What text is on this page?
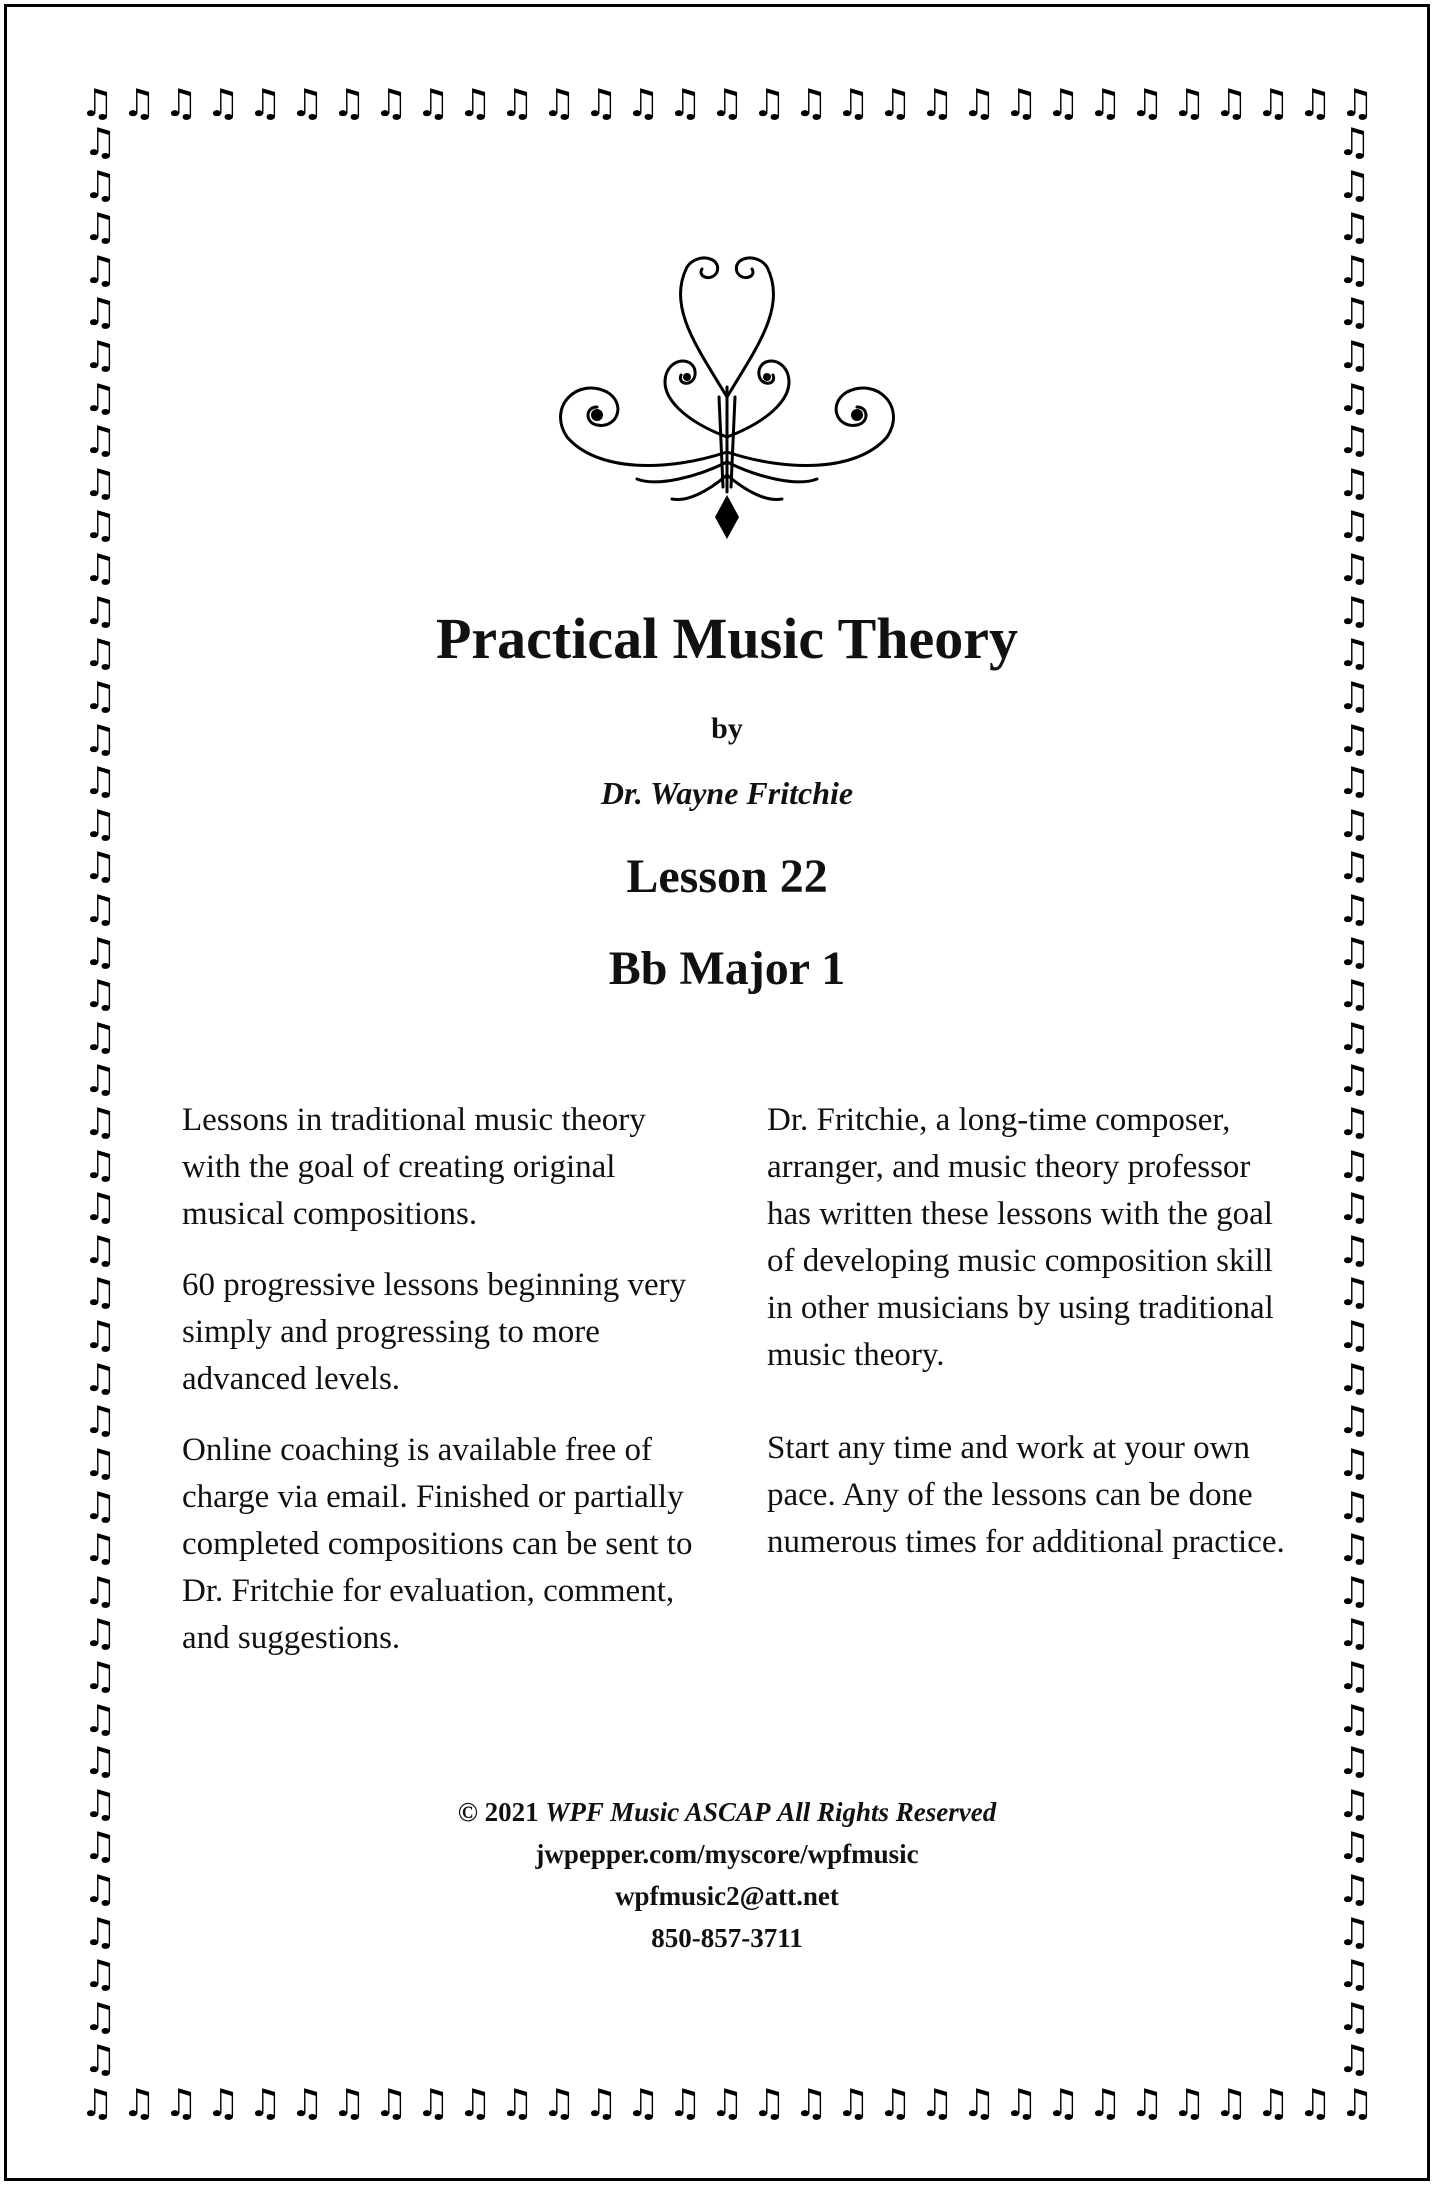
♫ ♫ ♫ ♫ ♫ ♫ ♫ ♫ ♫ ♫ ♫ ♫ ♫ ♫ ♫ ♫ ♫ ♫ ♫ ♫ ♫ ♫ ♫ ♫ ♫ ♫ ♫ ♫ ♫ ♫ ♫
♫ ♫ ♫ ♫ ♫ ♫ ♫ ♫ ♫ ♫ ♫ ♫ ♫ ♫ ♫ ♫ ♫ ♫ ♫ ♫ ♫ ♫ ♫ ♫ ♫ ♫ ♫ ♫ ♫ ♫ ♫
♫
♫
♫
♫
♫
♫
♫
♫
♫
♫
♫
♫
♫
♫
♫
♫
♫
♫
♫
♫
♫
♫
♫
♫
♫
♫
♫
♫
♫
♫
♫
♫
♫
♫
♫
♫
♫
♫
♫
♫
♫
♫
♫
♫
♫
♫
♫
♫
♫
♫
♫
♫
♫
♫
♫
♫
♫
♫
♫
♫
♫
♫
♫
♫
♫
♫
♫
♫
♫
♫
♫
♫
♫
♫
♫
♫
♫
♫
♫
♫
♫
♫
♫
♫
♫
♫
♫
♫
♫
♫
♫
♫
Practical Music Theory
by
Dr. Wayne Fritchie
Lesson 22
Bb Major 1

Lessons in traditional music theory with the goal of creating original musical compositions.

60 progressive lessons beginning very simply and progressing to more advanced levels.

Online coaching is available free of charge via email. Finished or partially completed compositions can be sent to Dr. Fritchie for evaluation, comment, and suggestions.

Dr. Fritchie, a long-time composer, arranger, and music theory professor has written these lessons with the goal of developing music composition skill in other musicians by using traditional music theory.

Start any time and work at your own pace. Any of the lessons can be done numerous times for additional practice.

© 2021 WPF Music ASCAP All Rights Reserved
jwpepper.com/myscore/wpfmusic
wpfmusic2@att.net
850-857-3711
